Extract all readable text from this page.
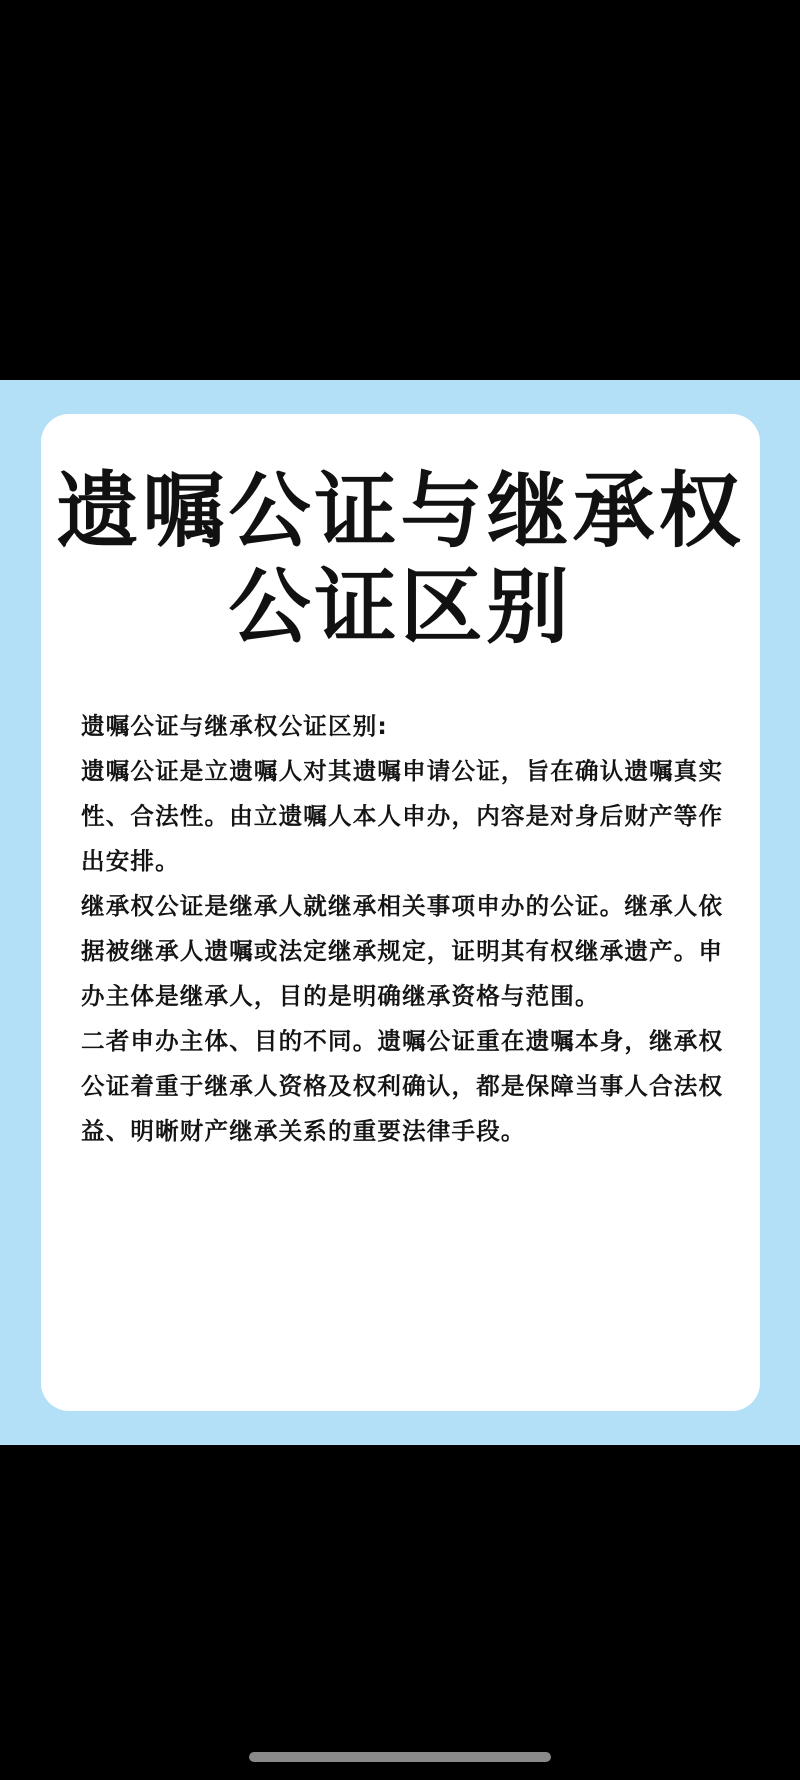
遗嘱公证与继承权
公证区别

遗嘱公证与继承权公证区别:

遗嘱公证是立遗嘱人对其遗嘱申请公证，旨在确认遗嘱真实性、合法性。由立遗嘱人本人申办，内容是对身后财产等作出安排。

继承权公证是继承人就继承相关事项申办的公证。继承人依据被继承人遗嘱或法定继承规定，证明其有权继承遗产。申办主体是继承人，目的是明确继承资格与范围。

二者申办主体、目的不同。遗嘱公证重在遗嘱本身，继承权公证着重于继承人资格及权利确认，都是保障当事人合法权益、明晰财产继承关系的重要法律手段。
